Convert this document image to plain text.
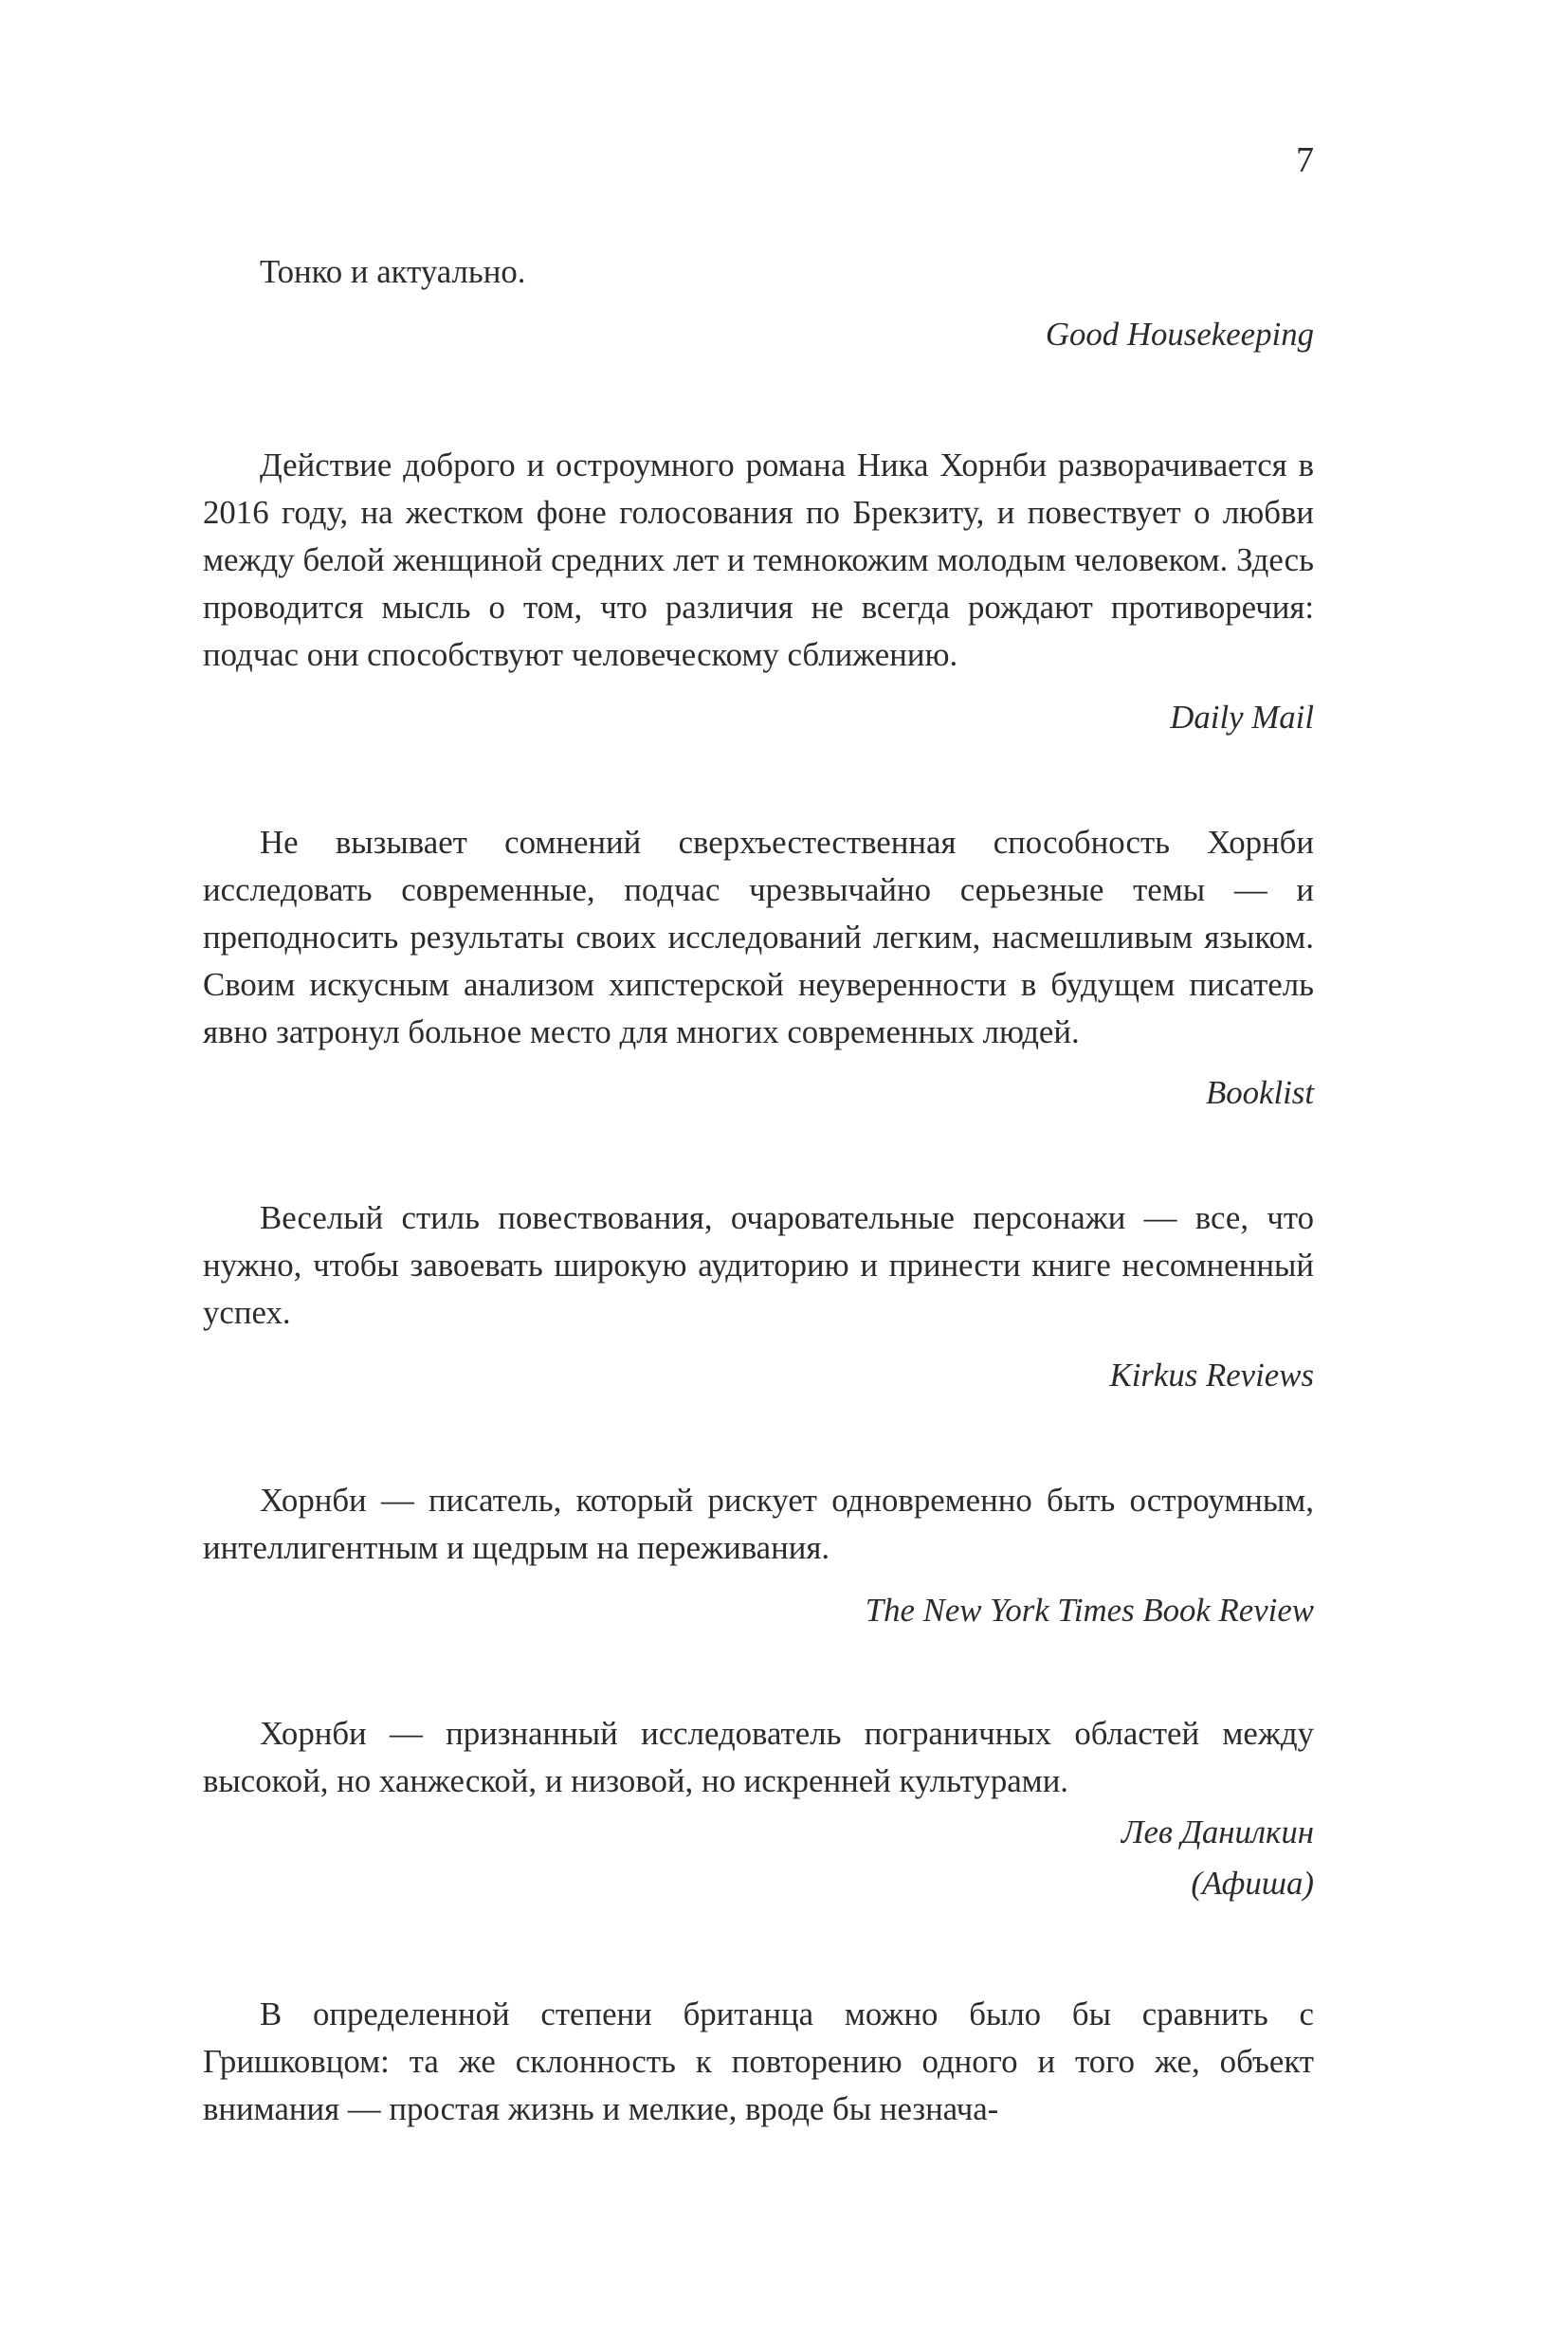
7

Тонко и актуально.

Good Housekeeping

Действие доброго и остроумного романа Ника Хорнби разворачивается в 2016 году, на жестком фоне голосования по Брекзиту, и повествует о любви между белой женщиной средних лет и темнокожим молодым человеком. Здесь проводится мысль о том, что различия не всегда рождают противоречия: подчас они способствуют человеческому сближению.

Daily Mail

Не вызывает сомнений сверхъестественная способность Хорнби исследовать современные, подчас чрезвычайно серьезные темы — и преподносить результаты своих исследований легким, насмешливым языком. Своим искусным анализом хипстерской неуверенности в будущем писатель явно затронул больное место для многих современных людей.

Booklist

Веселый стиль повествования, очаровательные персонажи — все, что нужно, чтобы завоевать широкую аудиторию и принести книге несомненный успех.

Kirkus Reviews

Хорнби — писатель, который рискует одновременно быть остроумным, интеллигентным и щедрым на переживания.

The New York Times Book Review

Хорнби — признанный исследователь пограничных областей между высокой, но ханжеской, и низовой, но искренней культурами.

Лев Данилкин

(Афиша)

В определенной степени британца можно было бы сравнить с Гришковцом: та же склонность к повторению одного и того же, объект внимания — простая жизнь и мелкие, вроде бы незнача-
